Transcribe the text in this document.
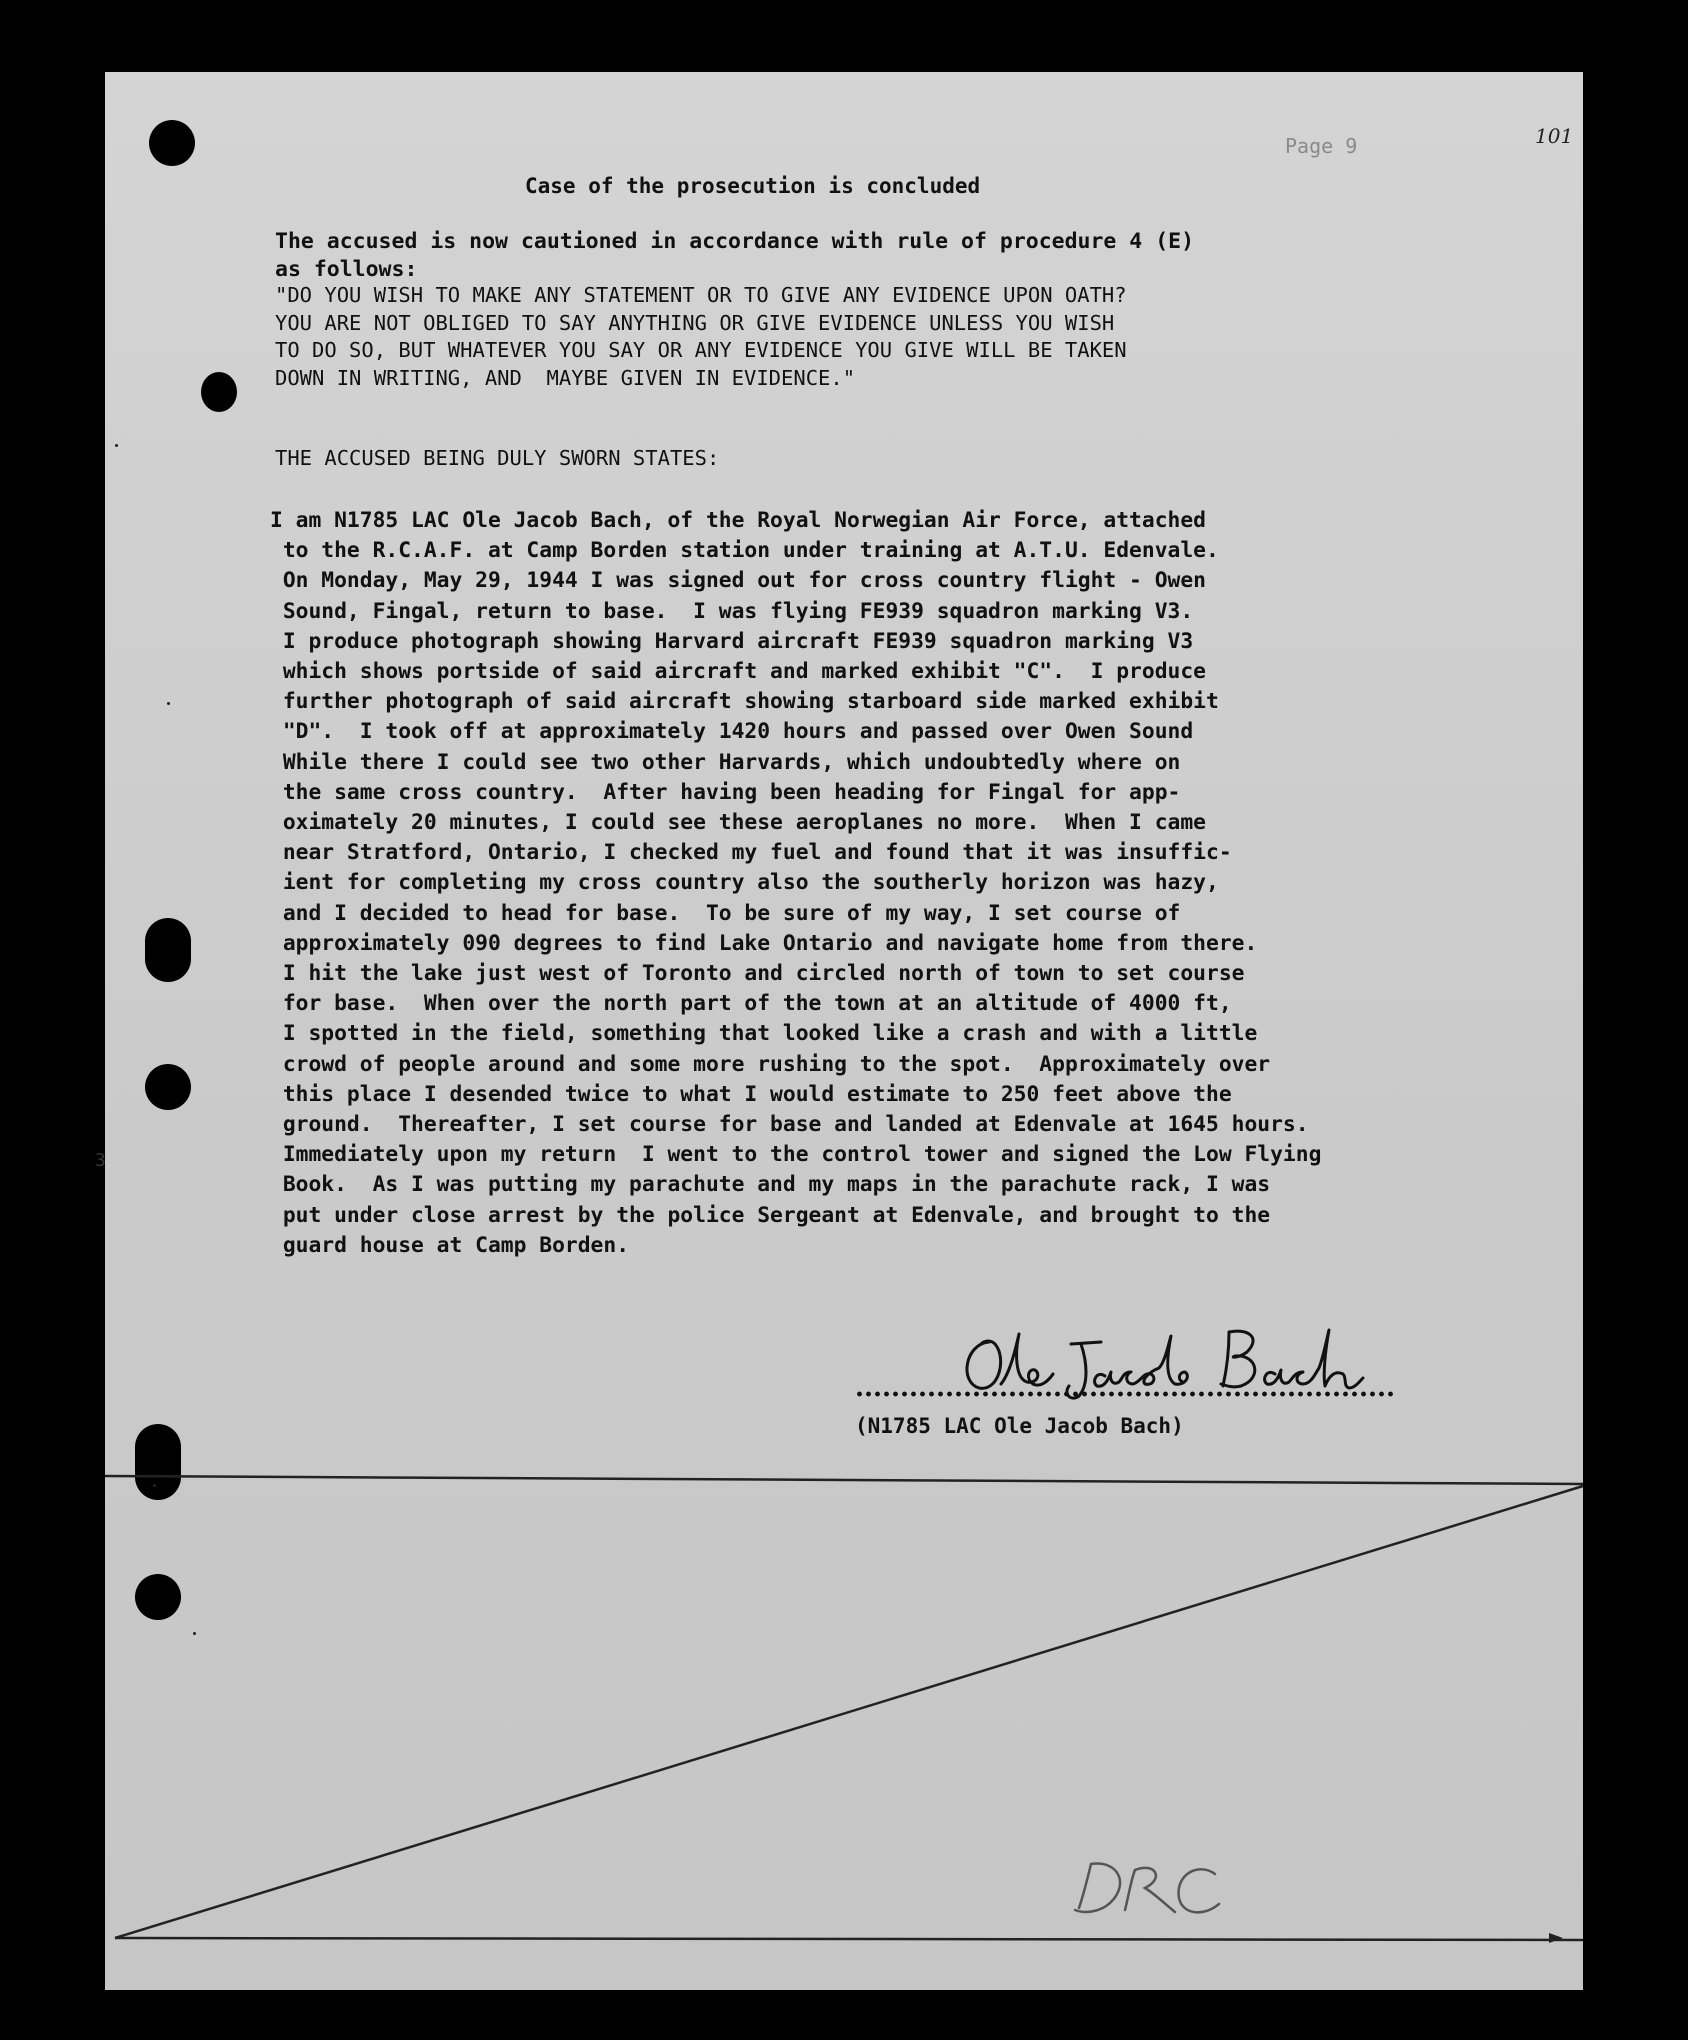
Page 9	101
Case of the prosecution is concluded
The accused is now cautioned in accordance with rule of procedure 4 (E)
as follows:
"DO YOU WISH TO MAKE ANY STATEMENT OR TO GIVE ANY EVIDENCE UPON OATH?
YOU ARE NOT OBLIGED TO SAY ANYTHING OR GIVE EVIDENCE UNLESS YOU WISH
TO DO SO, BUT WHATEVER YOU SAY OR ANY EVIDENCE YOU GIVE WILL BE TAKEN
DOWN IN WRITING, AND  MAYBE GIVEN IN EVIDENCE."
THE ACCUSED BEING DULY SWORN STATES:
I am N1785 LAC Ole Jacob Bach, of the Royal Norwegian Air Force, attached
to the R.C.A.F. at Camp Borden station under training at A.T.U. Edenvale.
On Monday, May 29, 1944 I was signed out for cross country flight - Owen
Sound, Fingal, return to base.  I was flying FE939 squadron marking V3.
I produce photograph showing Harvard aircraft FE939 squadron marking V3
which shows portside of said aircraft and marked exhibit "C".  I produce
further photograph of said aircraft showing starboard side marked exhibit
"D".  I took off at approximately 1420 hours and passed over Owen Sound
While there I could see two other Harvards, which undoubtedly where on
the same cross country.  After having been heading for Fingal for app-
oximately 20 minutes, I could see these aeroplanes no more.  When I came
near Stratford, Ontario, I checked my fuel and found that it was insuffic-
ient for completing my cross country also the southerly horizon was hazy,
and I decided to head for base.  To be sure of my way, I set course of
approximately 090 degrees to find Lake Ontario and navigate home from there.
I hit the lake just west of Toronto and circled north of town to set course
for base.  When over the north part of the town at an altitude of 4000 ft,
I spotted in the field, something that looked like a crash and with a little
crowd of people around and some more rushing to the spot.  Approximately over
this place I desended twice to what I would estimate to 250 feet above the
ground.  Thereafter, I set course for base and landed at Edenvale at 1645 hours.
Immediately upon my return  I went to the control tower and signed the Low Flying
Book.  As I was putting my parachute and my maps in the parachute rack, I was
put under close arrest by the police Sergeant at Edenvale, and brought to the
guard house at Camp Borden.
3
(N1785 LAC Ole Jacob Bach)
